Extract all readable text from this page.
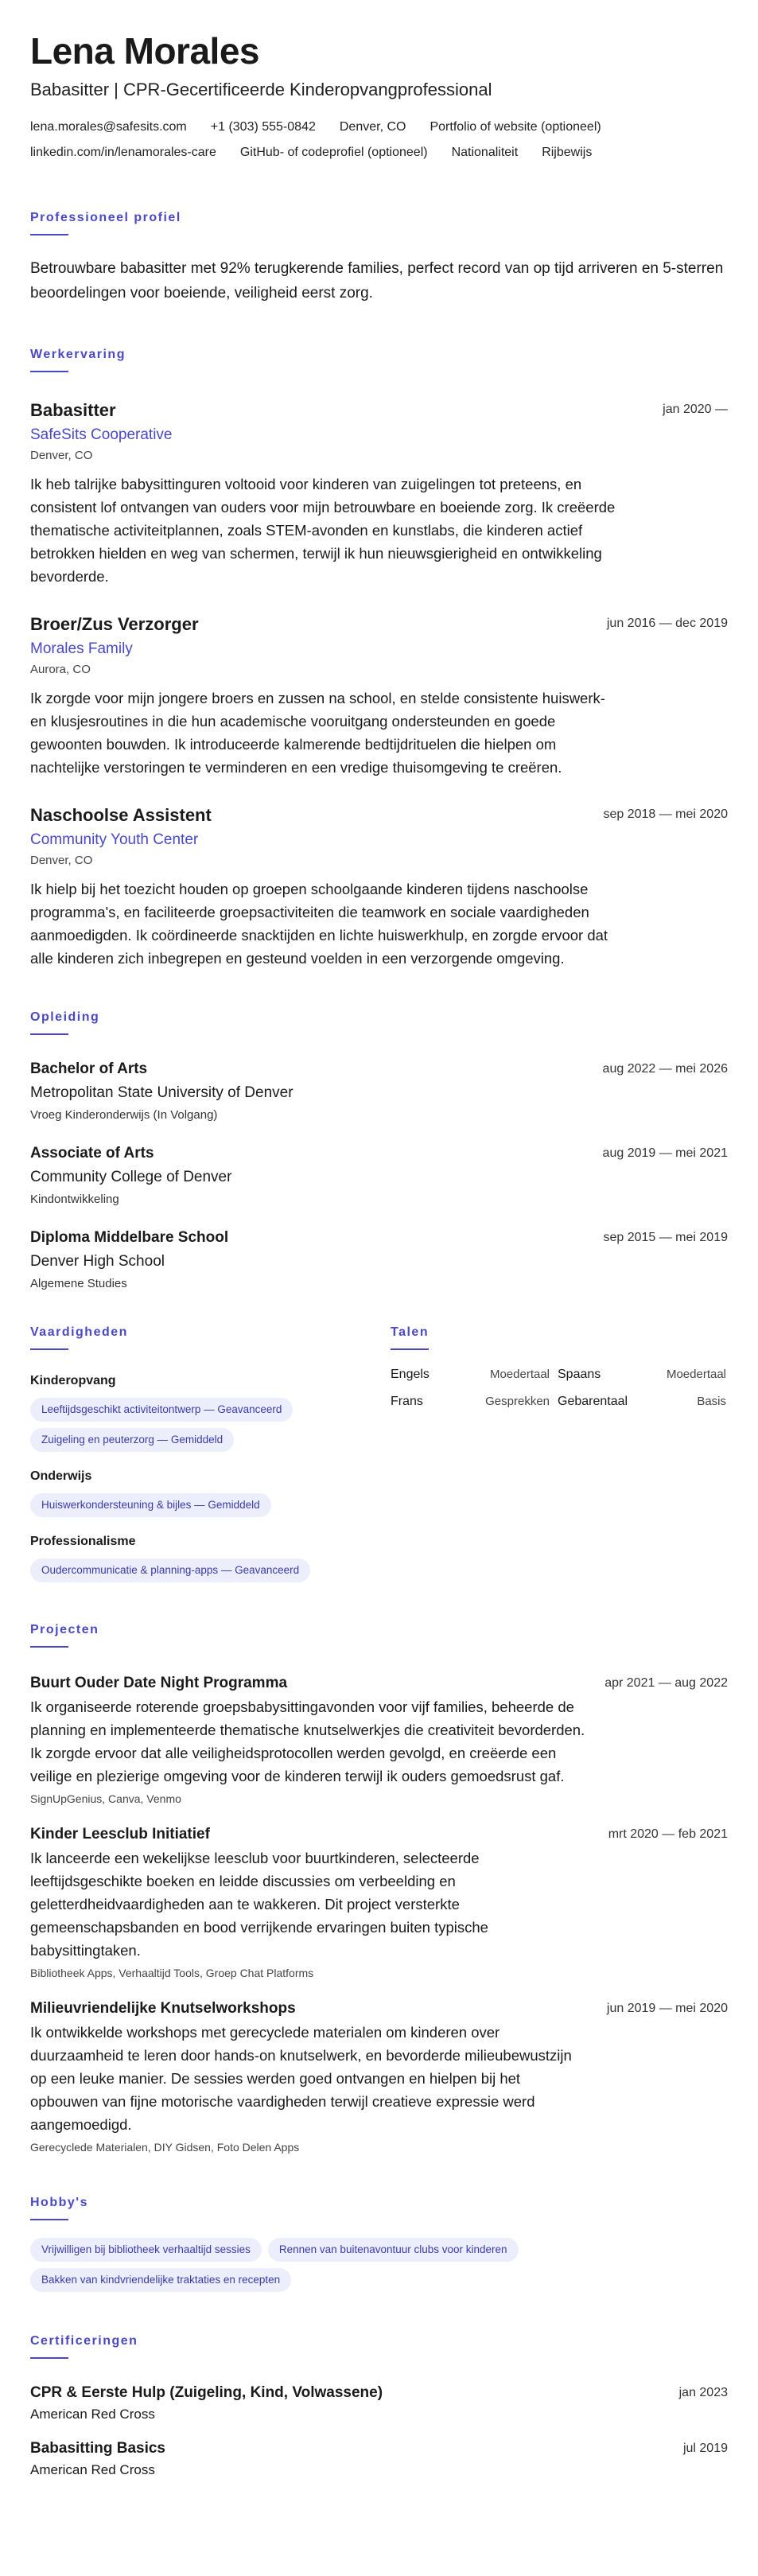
Lena Morales
Babasitter | CPR-Gecertificeerde Kinderopvangprofessional
lena.morales@safesits.com +1 (303) 555-0842 Denver, CO Portfolio of website (optioneel)
linkedin.com/in/lenamorales-care GitHub- of codeprofiel (optioneel) Nationaliteit Rijbewijs
Professioneel profiel
Betrouwbare babasitter met 92% terugkerende families, perfect record van op tijd arriveren en 5-sterren beoordelingen voor boeiende, veiligheid eerst zorg.
Werkervaring
Babasitter	jan 2020 —
SafeSits Cooperative
Denver, CO
Ik heb talrijke babysittinguren voltooid voor kinderen van zuigelingen tot preteens, en consistent lof ontvangen van ouders voor mijn betrouwbare en boeiende zorg. Ik creëerde thematische activiteitplannen, zoals STEM-avonden en kunstlabs, die kinderen actief betrokken hielden en weg van schermen, terwijl ik hun nieuwsgierigheid en ontwikkeling bevorderde.
Broer/Zus Verzorger	jun 2016 — dec 2019
Morales Family
Aurora, CO
Ik zorgde voor mijn jongere broers en zussen na school, en stelde consistente huiswerk- en klusjesroutines in die hun academische vooruitgang ondersteunden en goede gewoonten bouwden. Ik introduceerde kalmerende bedtijdrituelen die hielpen om nachtelijke verstoringen te verminderen en een vredige thuisomgeving te creëren.
Naschoolse Assistent	sep 2018 — mei 2020
Community Youth Center
Denver, CO
Ik hielp bij het toezicht houden op groepen schoolgaande kinderen tijdens naschoolse programma's, en faciliteerde groepsactiviteiten die teamwork en sociale vaardigheden aanmoedigden. Ik coördineerde snacktijden en lichte huiswerkhulp, en zorgde ervoor dat alle kinderen zich inbegrepen en gesteund voelden in een verzorgende omgeving.
Opleiding
Bachelor of Arts	aug 2022 — mei 2026
Metropolitan State University of Denver
Vroeg Kinderonderwijs (In Volgang)
Associate of Arts	aug 2019 — mei 2021
Community College of Denver
Kindontwikkeling
Diploma Middelbare School	sep 2015 — mei 2019
Denver High School
Algemene Studies
Vaardigheden
Kinderopvang
Leeftijdsgeschikt activiteitontwerp — Geavanceerd
Zuigeling en peuterzorg — Gemiddeld
Onderwijs
Huiswerkondersteuning & bijles — Gemiddeld
Professionalisme
Oudercommunicatie & planning-apps — Geavanceerd
Talen
Engels	Moedertaal Spaans	Moedertaal
Frans	Gesprekken Gebarentaal	Basis
Projecten
Buurt Ouder Date Night Programma	apr 2021 — aug 2022
Ik organiseerde roterende groepsbabysittingavonden voor vijf families, beheerde de planning en implementeerde thematische knutselwerkjes die creativiteit bevorderden. Ik zorgde ervoor dat alle veiligheidsprotocollen werden gevolgd, en creëerde een veilige en plezierige omgeving voor de kinderen terwijl ik ouders gemoedsrust gaf.
SignUpGenius, Canva, Venmo
Kinder Leesclub Initiatief	mrt 2020 — feb 2021
Ik lanceerde een wekelijkse leesclub voor buurtkinderen, selecteerde leeftijdsgeschikte boeken en leidde discussies om verbeelding en geletterdheidvaardigheden aan te wakkeren. Dit project versterkte gemeenschapsbanden en bood verrijkende ervaringen buiten typische babysittingtaken.
Bibliotheek Apps, Verhaaltijd Tools, Groep Chat Platforms
Milieuvriendelijke Knutselworkshops	jun 2019 — mei 2020
Ik ontwikkelde workshops met gerecyclede materialen om kinderen over duurzaamheid te leren door hands-on knutselwerk, en bevorderde milieubewustzijn op een leuke manier. De sessies werden goed ontvangen en hielpen bij het opbouwen van fijne motorische vaardigheden terwijl creatieve expressie werd aangemoedigd.
Gerecyclede Materialen, DIY Gidsen, Foto Delen Apps
Hobby's
Vrijwilligen bij bibliotheek verhaaltijd sessies	Rennen van buitenavontuur clubs voor kinderen
Bakken van kindvriendelijke traktaties en recepten
Certificeringen
CPR & Eerste Hulp (Zuigeling, Kind, Volwassene)	jan 2023
American Red Cross
Babasitting Basics	jul 2019
American Red Cross
